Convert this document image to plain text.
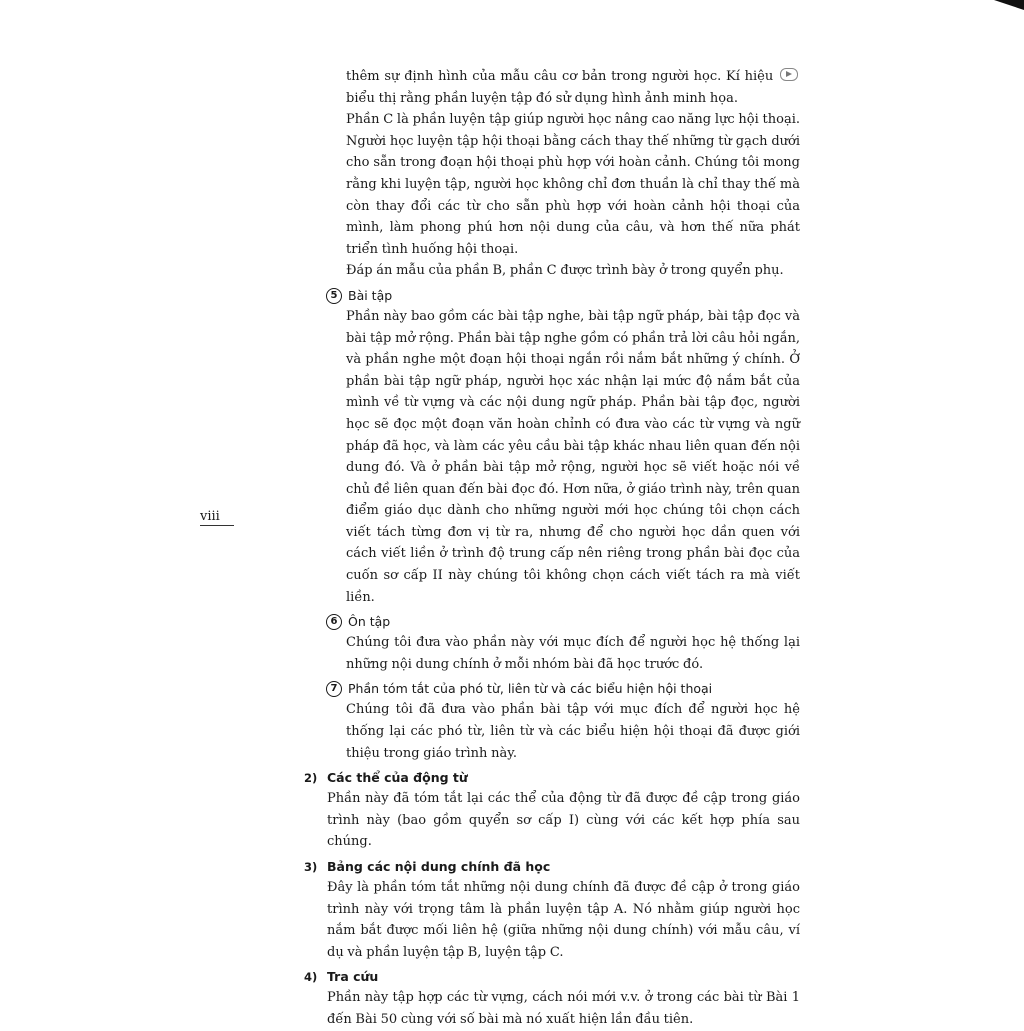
viii

thêm sự định hình của mẫu câu cơ bản trong người học. Kí hiệu  biểu thị rằng phần luyện tập đó sử dụng hình ảnh minh họa.

Phần C là phần luyện tập giúp người học nâng cao năng lực hội thoại. Người học luyện tập hội thoại bằng cách thay thế những từ gạch dưới cho sẵn trong đoạn hội thoại phù hợp với hoàn cảnh. Chúng tôi mong rằng khi luyện tập, người học không chỉ đơn thuần là chỉ thay thế mà còn thay đổi các từ cho sẵn phù hợp với hoàn cảnh hội thoại của mình, làm phong phú hơn nội dung của câu, và hơn thế nữa phát triển tình huống hội thoại.

Đáp án mẫu của phần B, phần C được trình bày ở trong quyển phụ.

5 Bài tập

Phần này bao gồm các bài tập nghe, bài tập ngữ pháp, bài tập đọc và bài tập mở rộng. Phần bài tập nghe gồm có phần trả lời câu hỏi ngắn, và phần nghe một đoạn hội thoại ngắn rồi nắm bắt những ý chính. Ở phần bài tập ngữ pháp, người học xác nhận lại mức độ nắm bắt của mình về từ vựng và các nội dung ngữ pháp. Phần bài tập đọc, người học sẽ đọc một đoạn văn hoàn chỉnh có đưa vào các từ vựng và ngữ pháp đã học, và làm các yêu cầu bài tập khác nhau liên quan đến nội dung đó. Và ở phần bài tập mở rộng, người học sẽ viết hoặc nói về chủ đề liên quan đến bài đọc đó. Hơn nữa, ở giáo trình này, trên quan điểm giáo dục dành cho những người mới học chúng tôi chọn cách viết tách từng đơn vị từ ra, nhưng để cho người học dần quen với cách viết liền ở trình độ trung cấp nên riêng trong phần bài đọc của cuốn sơ cấp II này chúng tôi không chọn cách viết tách ra mà viết liền.

6 Ôn tập

Chúng tôi đưa vào phần này với mục đích để người học hệ thống lại những nội dung chính ở mỗi nhóm bài đã học trước đó.

7 Phần tóm tắt của phó từ, liên từ và các biểu hiện hội thoại

Chúng tôi đã đưa vào phần bài tập với mục đích để người học hệ thống lại các phó từ, liên từ và các biểu hiện hội thoại đã được giới thiệu trong giáo trình này.

2) Các thể của động từ

Phần này đã tóm tắt lại các thể của động từ đã được đề cập trong giáo trình này (bao gồm quyển sơ cấp I) cùng với các kết hợp phía sau chúng.

3) Bảng các nội dung chính đã học

Đây là phần tóm tắt những nội dung chính đã được đề cập ở trong giáo trình này với trọng tâm là phần luyện tập A. Nó nhằm giúp người học nắm bắt được mối liên hệ (giữa những nội dung chính) với mẫu câu, ví dụ và phần luyện tập B, luyện tập C.

4) Tra cứu

Phần này tập hợp các từ vựng, cách nói mới v.v. ở trong các bài từ Bài 1 đến Bài 50 cùng với số bài mà nó xuất hiện lần đầu tiên.
